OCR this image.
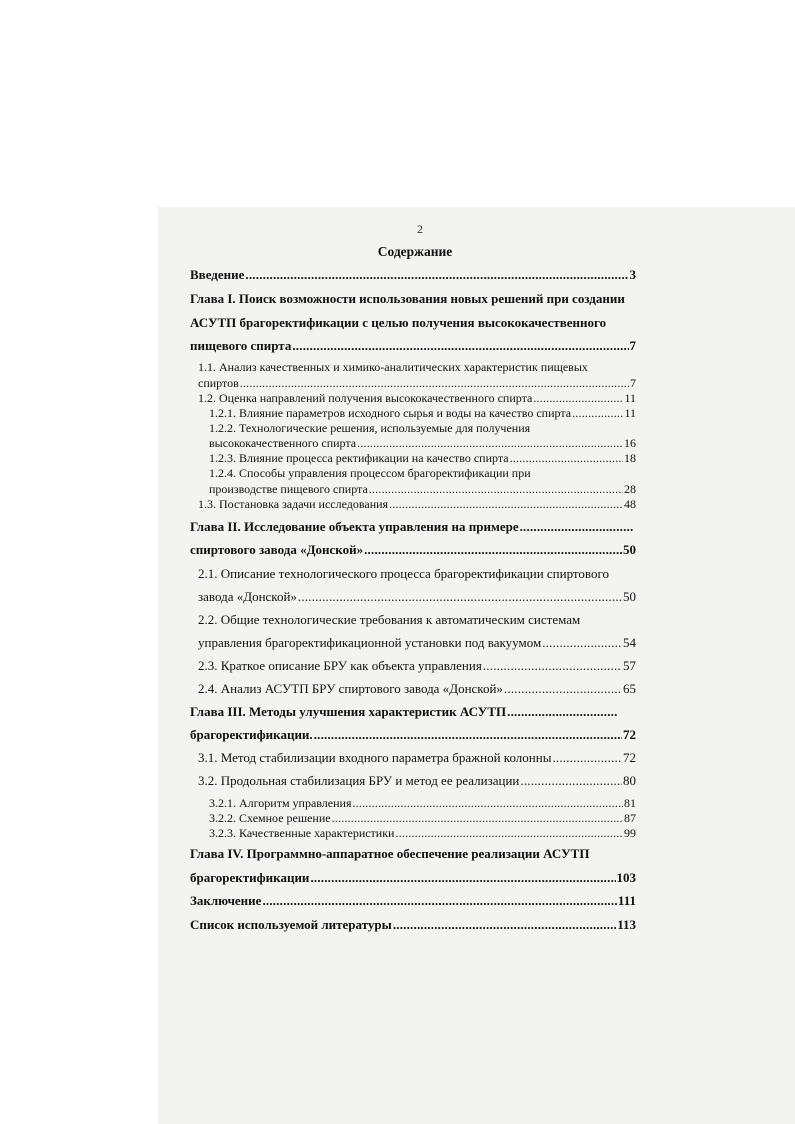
2
Содержание
Введение .....	3
Глава I. Поиск возможности использования новых решений при создании
АСУТП брагоректификации с целью получения высококачественного
пищевого спирта .....	7
1.1. Анализ качественных и химико-аналитических характеристик пищевых
спиртов .....	7
1.2. Оценка направлений получения высококачественного спирта .....	11
1.2.1. Влияние параметров исходного сырья и воды на качество спирта .....	11
1.2.2. Технологические решения, используемые для получения
высококачественного спирта .....	16
1.2.3. Влияние процесса ректификации на качество спирта .....	18
1.2.4. Способы управления процессом брагоректификации при
производстве пищевого спирта .....	28
1.3. Постановка задачи исследования .....	48
Глава II. Исследование объекта управления на примере
.....
спиртового завода «Донской» .....	50
2.1. Описание технологического процесса брагоректификации спиртового
завода «Донской» .....	50
2.2. Общие технологические требования к автоматическим системам
управления брагоректификационной установки под вакуумом .....	54
2.3. Краткое описание БРУ как объекта управления .....	57
2.4. Анализ АСУТП БРУ спиртового завода «Донской» .....	65
Глава III. Методы улучшения характеристик АСУТП
.....
брагоректификации. .....	72
3.1. Метод стабилизации входного параметра бражной колонны .....	72
3.2. Продольная стабилизация БРУ и метод ее реализации .....	80
3.2.1. Алгоритм управления .....	81
3.2.2. Схемное решение .....	87
3.2.3. Качественные характеристики .....	99
Глава IV. Программно-аппаратное обеспечение реализации АСУТП
брагоректификации .....	103
Заключение .....	111
Список используемой литературы .....	113
